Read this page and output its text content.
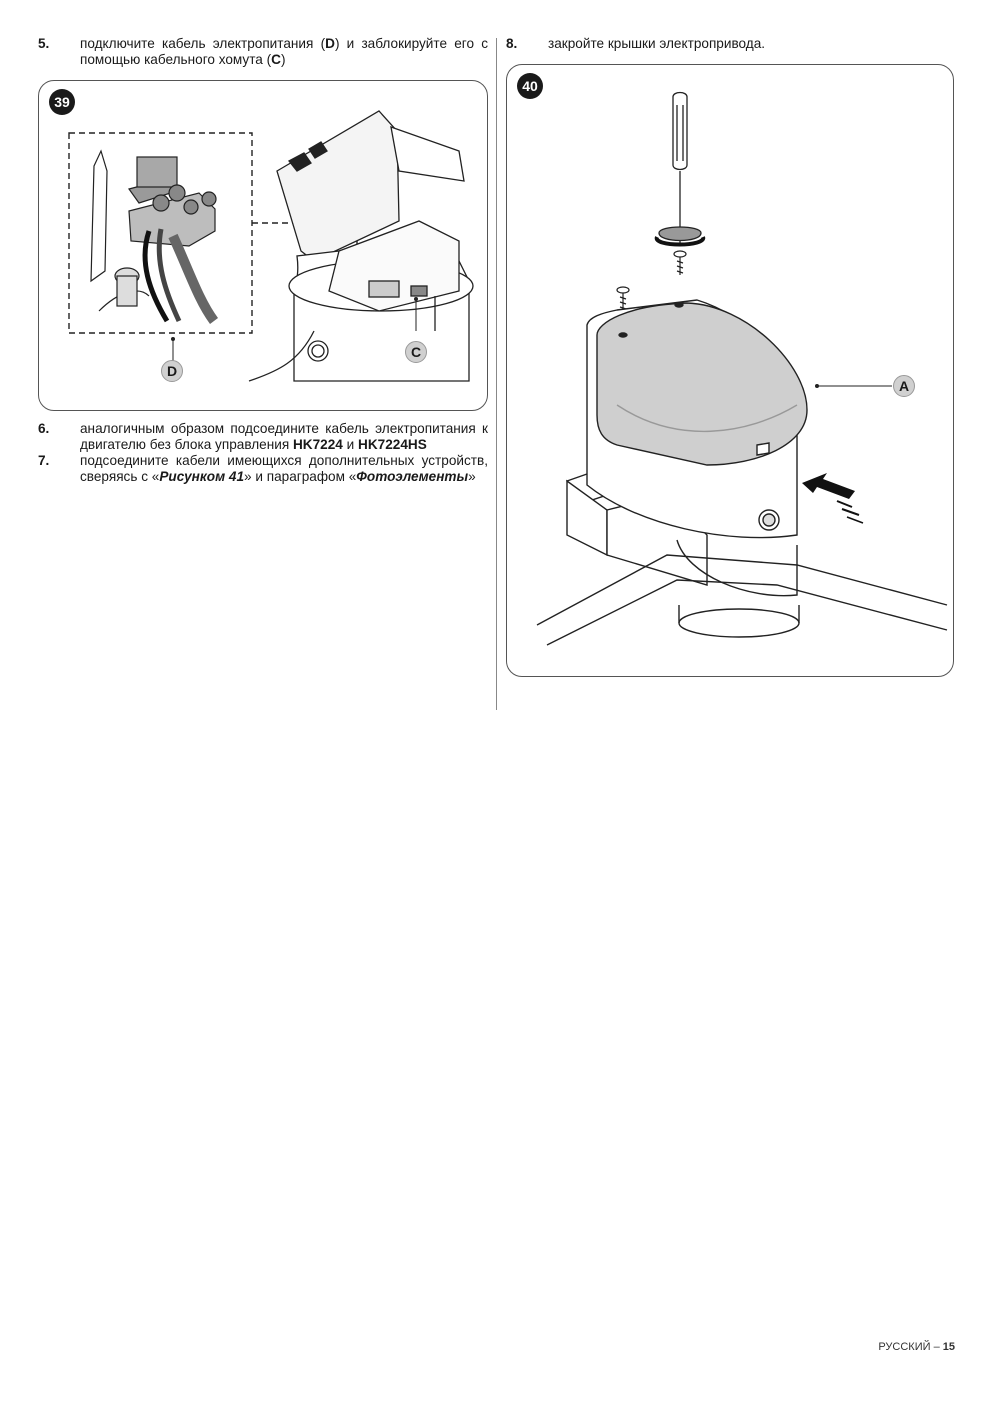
5.	подключите кабель электропитания (D) и заблокируйте его с помощью кабельного хомута (C)
39
D
C
6.	аналогичным образом подсоедините кабель электропитания к двигателю без блока управления HK7224 и HK7224HS
7.	подсоедините кабели имеющихся дополнительных устройств, сверяясь с «Рисунком 41» и параграфом «Фотоэлементы»
8.	закройте крышки электропривода.
40
A
РУССКИЙ – 15
